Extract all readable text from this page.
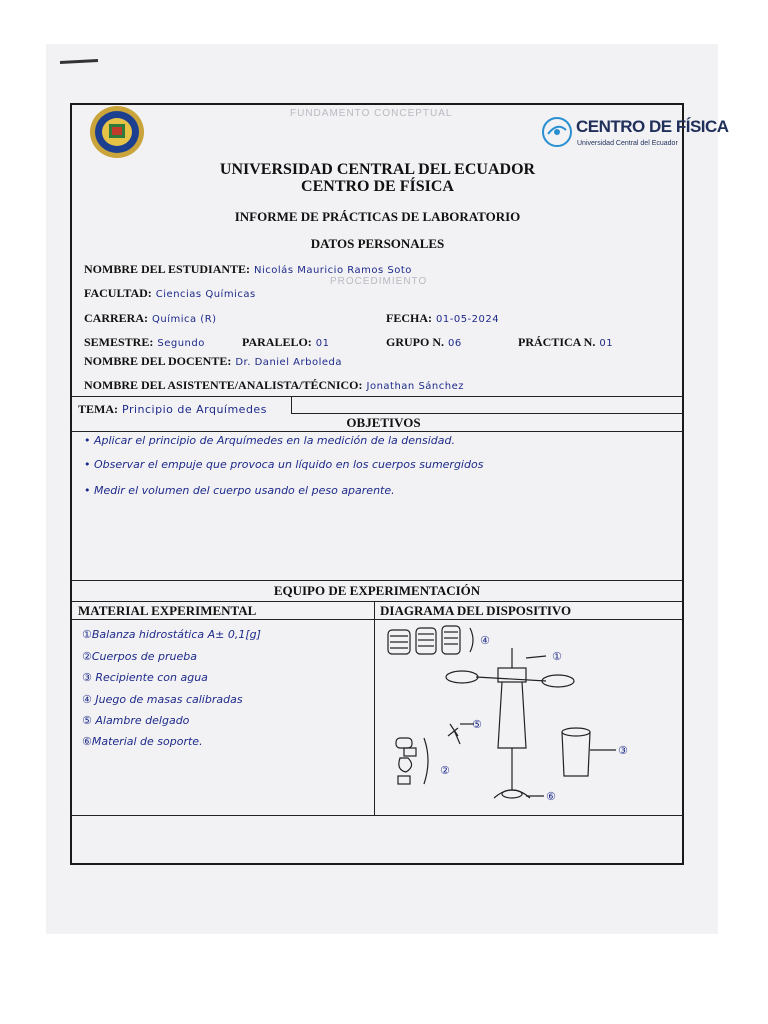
FUNDAMENTO CONCEPTUAL
PROCEDIMIENTO
CENTRO DE FÍSICA
Universidad Central del Ecuador
UNIVERSIDAD CENTRAL DEL ECUADOR
CENTRO DE FÍSICA
INFORME DE PRÁCTICAS DE LABORATORIO
DATOS PERSONALES
NOMBRE DEL ESTUDIANTE: Nicolás Mauricio Ramos Soto
FACULTAD: Ciencias Químicas
CARRERA: Química (R)	FECHA: 01-05-2024
SEMESTRE: Segundo	PARALELO: 01	GRUPO N. 06	PRÁCTICA N. 01
NOMBRE DEL DOCENTE: Dr. Daniel Arboleda
NOMBRE DEL ASISTENTE/ANALISTA/TÉCNICO: Jonathan Sánchez
TEMA: Principio de Arquímedes
OBJETIVOS
• Aplicar el principio de Arquímedes en la medición de la densidad.
• Observar el empuje que provoca un líquido en los cuerpos sumergidos
• Medir el volumen del cuerpo usando el peso aparente.
EQUIPO DE EXPERIMENTACIÓN
MATERIAL EXPERIMENTAL	DIAGRAMA DEL DISPOSITIVO
①Balanza hidrostática A± 0,1[g]
②Cuerpos de prueba
③ Recipiente con agua
④ Juego de masas calibradas
⑤ Alambre delgado
⑥Material de soporte.
④
①
⑤
②
③
⑥
